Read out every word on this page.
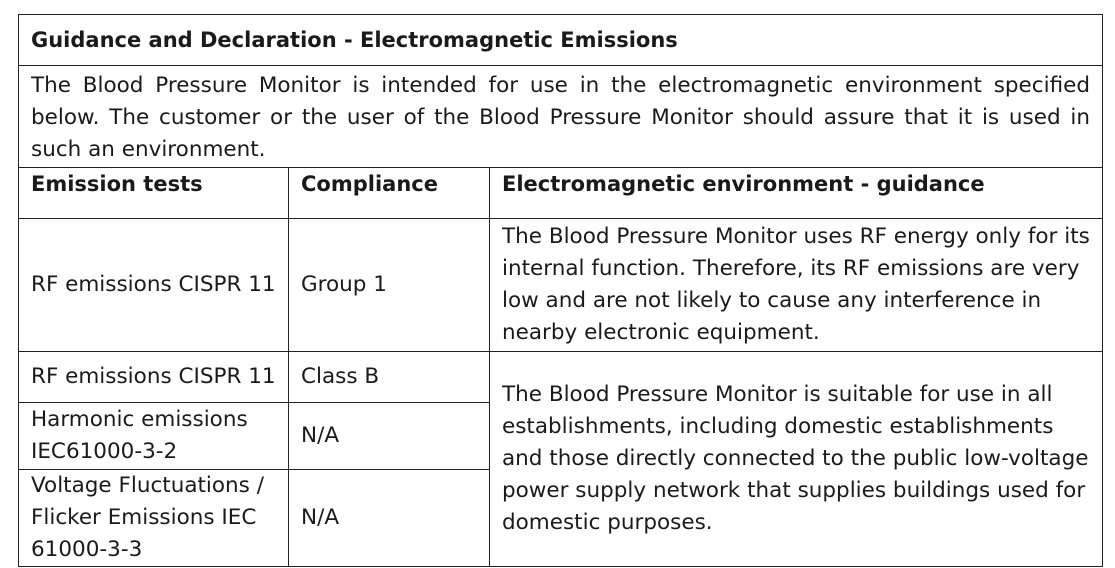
Guidance and Declaration - Electromagnetic Emissions		
The Blood Pressure Monitor is intended for use in the electromagnetic environment specified below. The customer or the user of the Blood Pressure Monitor should assure that it is used in such an environment.		
Emission tests	Compliance	Electromagnetic environment - guidance
RF emissions CISPR 11	Group 1	The Blood Pressure Monitor uses RF energy only for its internal function. Therefore, its RF emissions are very low and are not likely to cause any interference in nearby electronic equipment.
RF emissions CISPR 11	Class B	The Blood Pressure Monitor is suitable for use in all establishments, including domestic establishments and those directly connected to the public low-voltage power supply network that supplies buildings used for domestic purposes.
Harmonic emissions IEC61000-3-2	N/A	
Voltage Fluctuations / Flicker Emissions IEC 61000-3-3	N/A	
